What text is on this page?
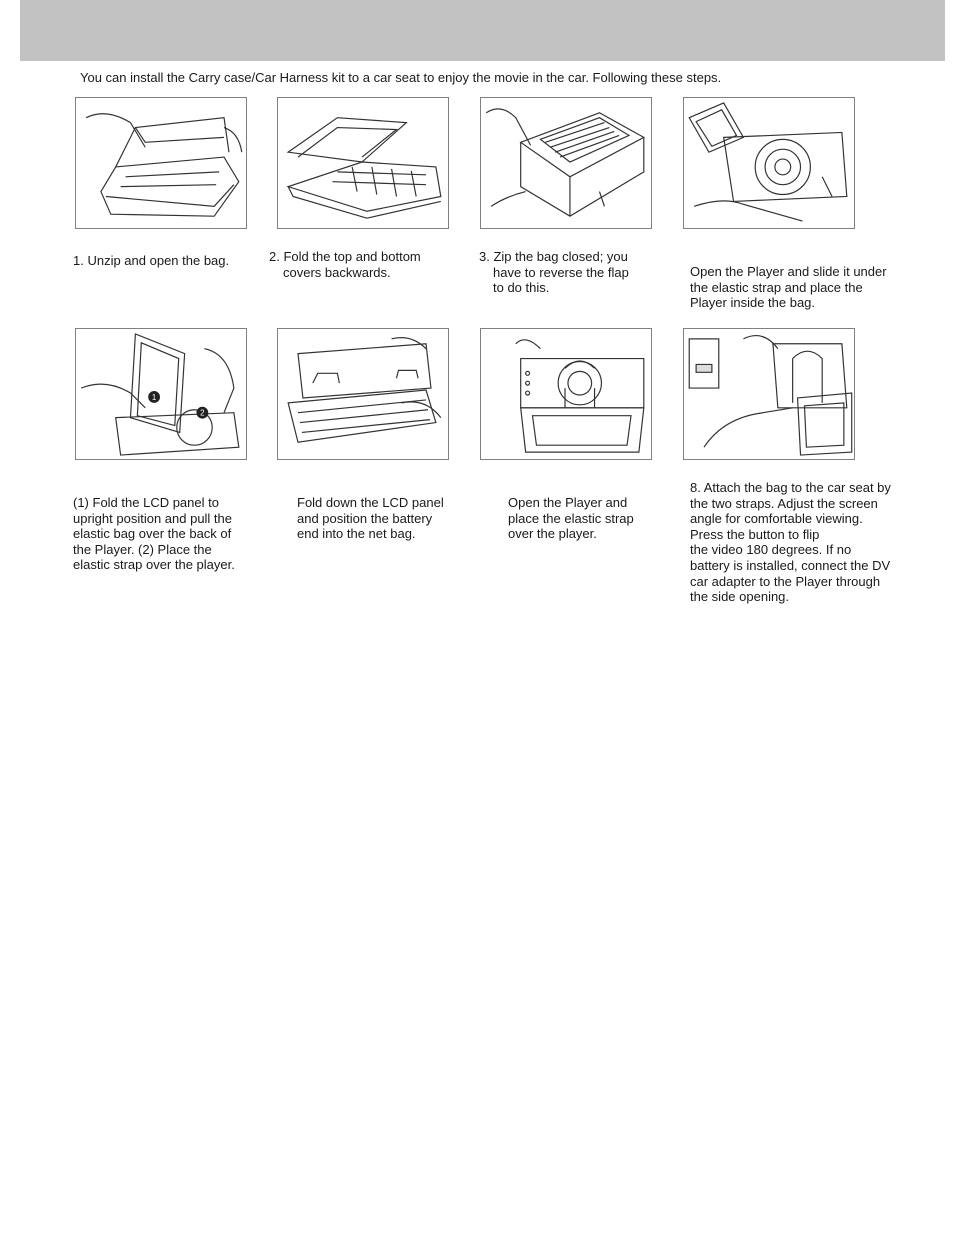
You can install the Carry case/Car Harness kit to a car seat to enjoy the movie in the car. Following these steps.
1. Unzip and open the bag.	2. Fold the top and bottom
covers backwards.
3. Zip the bag closed; you
have to reverse the flap
to do this.
Open the Player and slide it under
the elastic strap and place the
Player inside the bag.
1
2
(1) Fold the LCD panel to
upright position and pull the
elastic bag over the back of
the Player. (2) Place the
elastic strap over the player.
Fold down the LCD panel
and position the battery
end into the net bag.
Open the Player and
place the elastic strap
over the player.
8. Attach the bag to the car seat by
the two straps. Adjust the screen
angle for comfortable viewing.
Press the button to flip
the video 180 degrees. If no
battery is installed, connect the DV
car adapter to the Player through
the side opening.
